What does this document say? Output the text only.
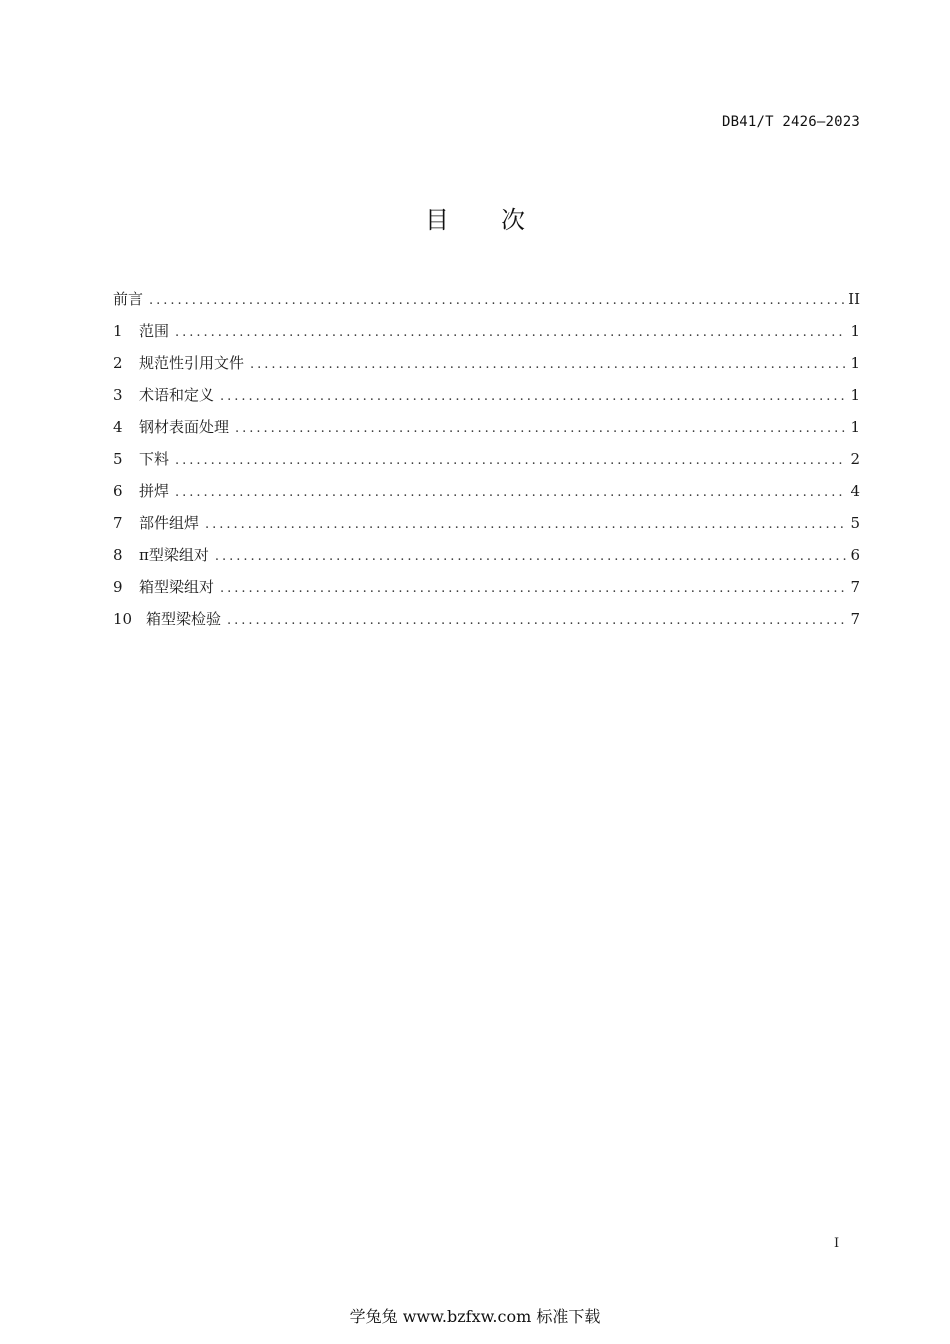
DB41/T 2426—2023
目次
前言 .....	II
1	范围 .....	1
2	规范性引用文件 .....	1
3	术语和定义 .....	1
4	钢材表面处理 .....	1
5	下料 .....	2
6	拼焊 .....	4
7	部件组焊 .....	5
8	π型梁组对 .....	6
9	箱型梁组对 .....	7
10 箱型梁检验 .....	7
I
学兔兔 www.bzfxw.com 标准下载
